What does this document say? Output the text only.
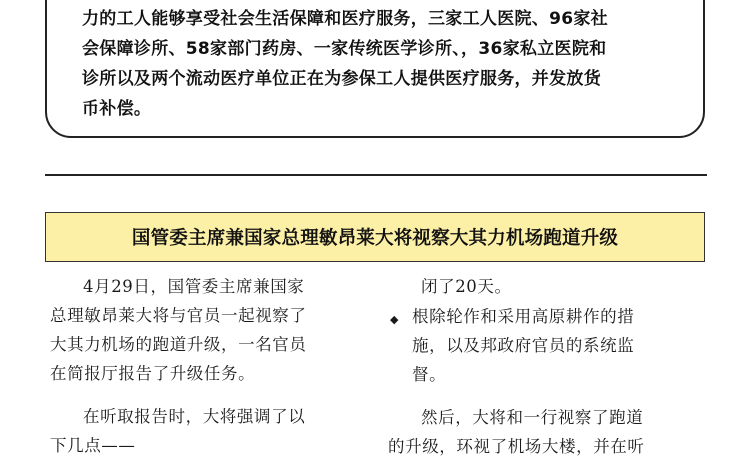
力的工人能够享受社会生活保障和医疗服务，三家工人医院、96家社

会保障诊所、58家部门药房、一家传统医学诊所、，36家私立医院和

诊所以及两个流动医疗单位正在为参保工人提供医疗服务，并发放货

币补偿。

国管委主席兼国家总理敏昂莱大将视察大其力机场跑道升级

4月29日，国管委主席兼国家

总理敏昂莱大将与官员一起视察了

大其力机场的跑道升级，一名官员

在简报厅报告了升级任务。

在听取报告时，大将强调了以

下几点——

闭了20天。

◆ 根除轮作和采用高原耕作的措

施，以及邦政府官员的系统监

督。

然后，大将和一行视察了跑道

的升级，环视了机场大楼，并在听
